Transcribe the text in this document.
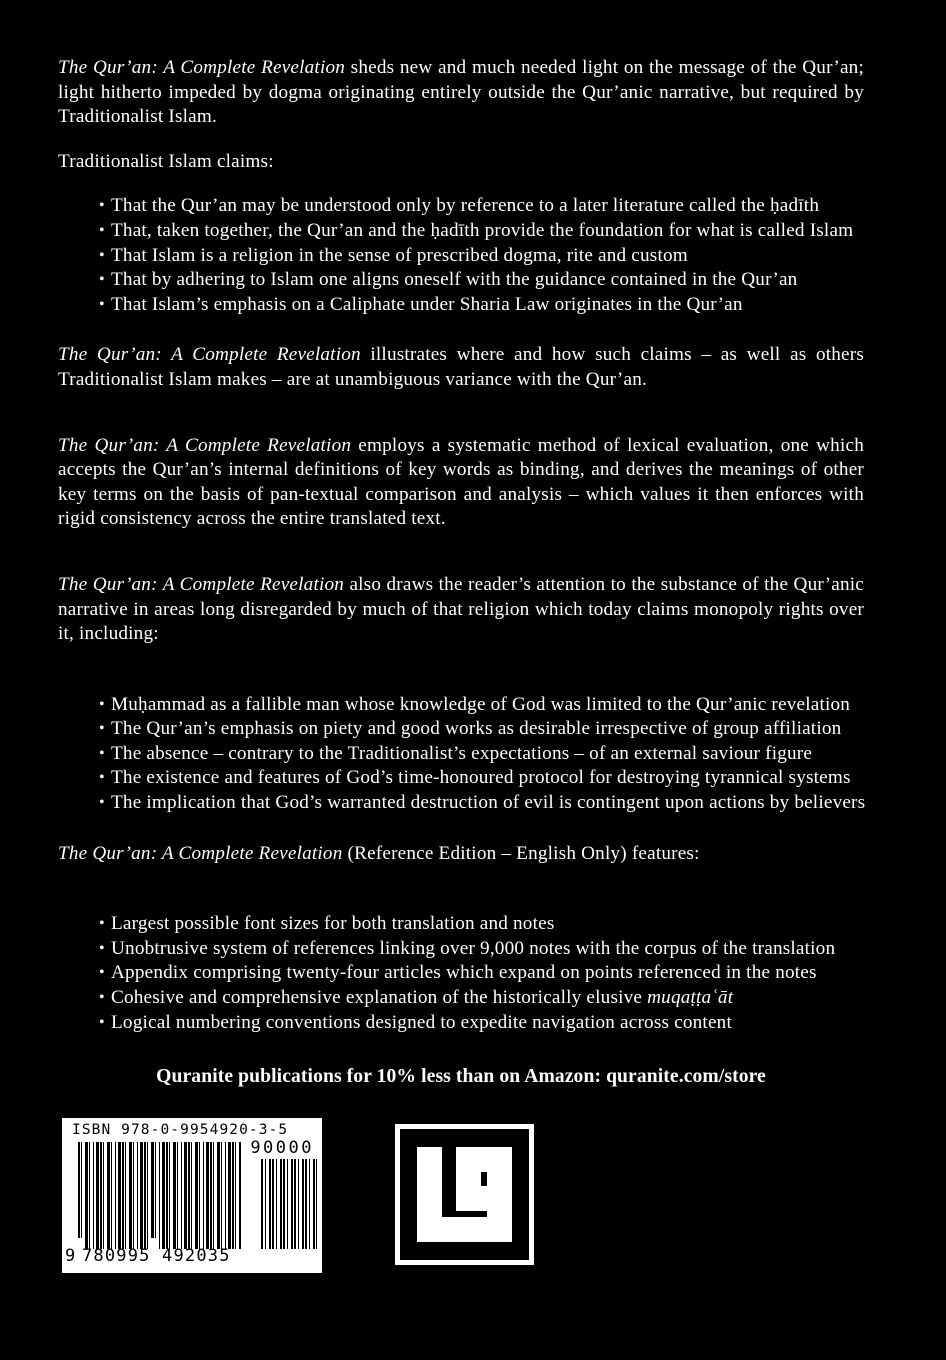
The Qur’an: A Complete Revelation sheds new and much needed light on the message of the Qur’an; light hitherto impeded by dogma originating entirely outside the Qur’anic narrative, but required by Traditionalist Islam.

Traditionalist Islam claims:

• That the Qur’an may be understood only by reference to a later literature called the ḥadīth
• That, taken together, the Qur’an and the ḥadīth provide the foundation for what is called Islam
• That Islam is a religion in the sense of prescribed dogma, rite and custom
• That by adhering to Islam one aligns oneself with the guidance contained in the Qur’an
• That Islam’s emphasis on a Caliphate under Sharia Law originates in the Qur’an

The Qur’an: A Complete Revelation illustrates where and how such claims – as well as others Traditionalist Islam makes – are at unambiguous variance with the Qur’an.

The Qur’an: A Complete Revelation employs a systematic method of lexical evaluation, one which accepts the Qur’an’s internal definitions of key words as binding, and derives the meanings of other key terms on the basis of pan-textual comparison and analysis – which values it then enforces with rigid consistency across the entire translated text.

The Qur’an: A Complete Revelation also draws the reader’s attention to the substance of the Qur’anic narrative in areas long disregarded by much of that religion which today claims monopoly rights over it, including:

• Muḥammad as a fallible man whose knowledge of God was limited to the Qur’anic revelation
• The Qur’an’s emphasis on piety and good works as desirable irrespective of group affiliation
• The absence – contrary to the Traditionalist’s expectations – of an external saviour figure
• The existence and features of God’s time-honoured protocol for destroying tyrannical systems
• The implication that God’s warranted destruction of evil is contingent upon actions by believers

The Qur’an: A Complete Revelation (Reference Edition – English Only) features:

• Largest possible font sizes for both translation and notes
• Unobtrusive system of references linking over 9,000 notes with the corpus of the translation
• Appendix comprising twenty-four articles which expand on points referenced in the notes
• Cohesive and comprehensive explanation of the historically elusive muqaṭṭaʿāt
• Logical numbering conventions designed to expedite navigation across content
Quranite publications for 10% less than on Amazon: quranite.com/store
ISBN 978-0-9954920-3-5
90000
9 780995 492035
